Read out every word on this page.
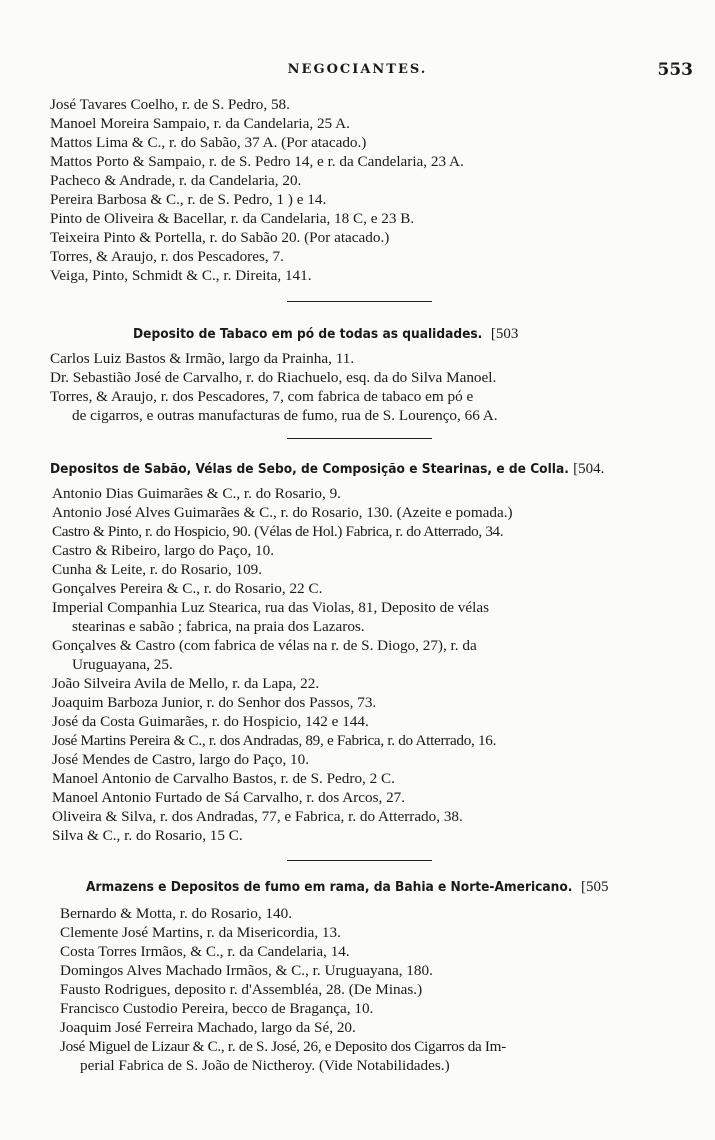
NEGOCIANTES.	553
José Tavares Coelho, r. de S. Pedro, 58.
Manoel Moreira Sampaio, r. da Candelaria, 25 A.
Mattos Lima & C., r. do Sabão, 37 A. (Por atacado.)
Mattos Porto & Sampaio, r. de S. Pedro 14, e r. da Candelaria, 23 A.
Pacheco & Andrade, r. da Candelaria, 20.
Pereira Barbosa & C., r. de S. Pedro, 1 ) e 14.
Pinto de Oliveira & Bacellar, r. da Candelaria, 18 C, e 23 B.
Teixeira Pinto & Portella, r. do Sabão 20. (Por atacado.)
Torres, & Araujo, r. dos Pescadores, 7.
Veiga, Pinto, Schmidt & C., r. Direita, 141.
Deposito de Tabaco em pó de todas as qualidades. [503
Carlos Luiz Bastos & Irmão, largo da Prainha, 11.
Dr. Sebastião José de Carvalho, r. do Riachuelo, esq. da do Silva Manoel.
Torres, & Araujo, r. dos Pescadores, 7, com fabrica de tabaco em pó e
de cigarros, e outras manufacturas de fumo, rua de S. Lourenço, 66 A.
Depositos de Sabão, Vélas de Sebo, de Composição e Stearinas, e de Colla. [504.
Antonio Dias Guimarães & C., r. do Rosario, 9.
Antonio José Alves Guimarães & C., r. do Rosario, 130. (Azeite e pomada.)
Castro & Pinto, r. do Hospicio, 90. (Vélas de Hol.) Fabrica, r. do Atterrado, 34.
Castro & Ribeiro, largo do Paço, 10.
Cunha & Leite, r. do Rosario, 109.
Gonçalves Pereira & C., r. do Rosario, 22 C.
Imperial Companhia Luz Stearica, rua das Violas, 81, Deposito de vélas
stearinas e sabão ; fabrica, na praia dos Lazaros.
Gonçalves & Castro (com fabrica de vélas na r. de S. Diogo, 27), r. da
Uruguayana, 25.
João Silveira Avila de Mello, r. da Lapa, 22.
Joaquim Barboza Junior, r. do Senhor dos Passos, 73.
José da Costa Guimarães, r. do Hospicio, 142 e 144.
José Martins Pereira & C., r. dos Andradas, 89, e Fabrica, r. do Atterrado, 16.
José Mendes de Castro, largo do Paço, 10.
Manoel Antonio de Carvalho Bastos, r. de S. Pedro, 2 C.
Manoel Antonio Furtado de Sá Carvalho, r. dos Arcos, 27.
Oliveira & Silva, r. dos Andradas, 77, e Fabrica, r. do Atterrado, 38.
Silva & C., r. do Rosario, 15 C.
Armazens e Depositos de fumo em rama, da Bahia e Norte-Americano. [505
Bernardo & Motta, r. do Rosario, 140.
Clemente José Martins, r. da Misericordia, 13.
Costa Torres Irmãos, & C., r. da Candelaria, 14.
Domingos Alves Machado Irmãos, & C., r. Uruguayana, 180.
Fausto Rodrigues, deposito r. d'Assembléa, 28. (De Minas.)
Francisco Custodio Pereira, becco de Bragança, 10.
Joaquim José Ferreira Machado, largo da Sé, 20.
José Miguel de Lizaur & C., r. de S. José, 26, e Deposito dos Cigarros da Im-
perial Fabrica de S. João de Nictheroy. (Vide Notabilidades.)
